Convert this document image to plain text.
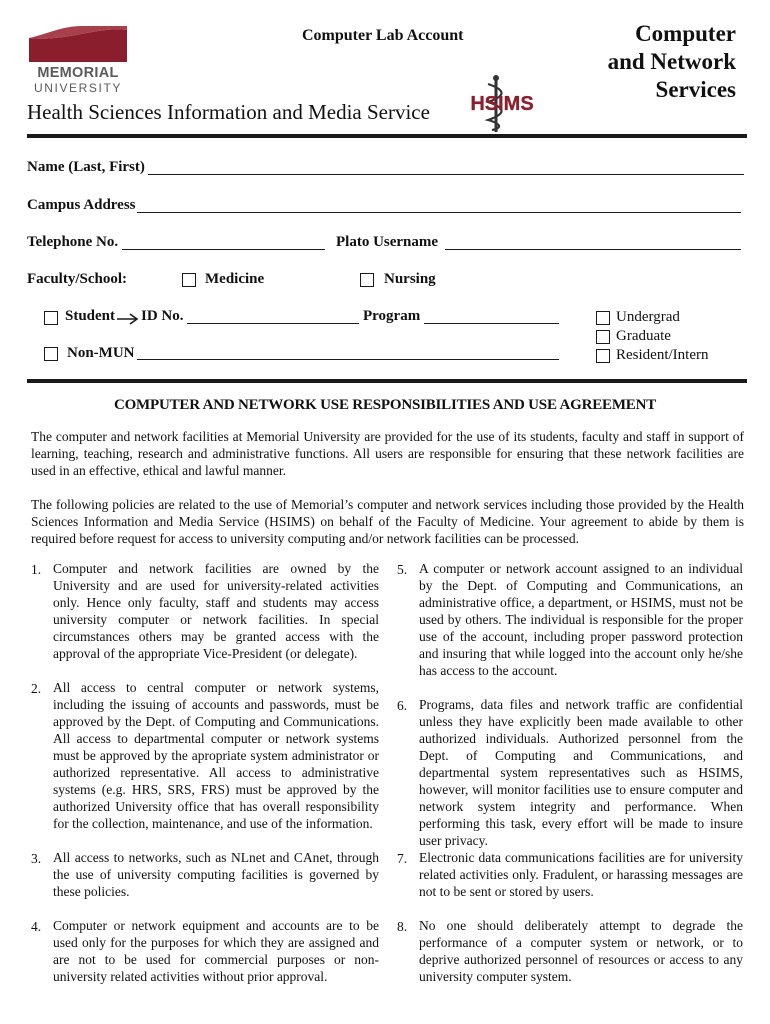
MEMORIAL
UNIVERSITY
Computer Lab Account	Computer
and Network
Services
Health Sciences Information and Media Service HSIMS
Name (Last, First)
Campus Address
Telephone No.	Plato Username
Faculty/School:	Medicine	Nursing
Student ID No.	Program
Non-MUN
Undergrad
Graduate
Resident/Intern
COMPUTER AND NETWORK USE RESPONSIBILITIES AND USE AGREEMENT
The computer and network facilities at Memorial University are provided for the use of its students, faculty and staff in support of learning, teaching, research and administrative functions. All users are responsible for ensuring that these network facilities are used in an effective, ethical and lawful manner.
The following policies are related to the use of Memorial’s computer and network services including those provided by the Health Sciences Information and Media Service (HSIMS) on behalf of the Faculty of Medicine. Your agreement to abide by them is required before request for access to university computing and/or network facilities can be processed.
1. Computer and network facilities are owned by the University and are used for university-related activities only. Hence only faculty, staff and students may access university computer or network facilities. In special circumstances others may be granted access with the approval of the appropriate Vice-President (or delegate).
2. All access to central computer or network systems, including the issuing of accounts and passwords, must be approved by the Dept. of Computing and Communications. All access to departmental computer or network systems must be approved by the apropriate system administrator or authorized representative. All access to administrative systems (e.g. HRS, SRS, FRS) must be approved by the authorized University office that has overall responsibility for the collection, maintenance, and use of the information.
3. All access to networks, such as NLnet and CAnet, through the use of university computing facilities is governed by these policies.
4. Computer or network equipment and accounts are to be used only for the purposes for which they are assigned and are not to be used for commercial purposes or non-university related activities without prior approval.
5. A computer or network account assigned to an individual by the Dept. of Computing and Communications, an administrative office, a department, or HSIMS, must not be used by others. The individual is responsible for the proper use of the account, including proper password protection and insuring that while logged into the account only he/she has access to the account.
6. Programs, data files and network traffic are confidential unless they have explicitly been made available to other authorized individuals. Authorized personnel from the Dept. of Computing and Communications, and departmental system representatives such as HSIMS, however, will monitor facilities use to ensure computer and network system integrity and performance. When performing this task, every effort will be made to insure user privacy.
7. Electronic data communications facilities are for university related activities only. Fradulent, or harassing messages are not to be sent or stored by users.
8. No one should deliberately attempt to degrade the performance of a computer system or network, or to deprive authorized personnel of resources or access to any university computer system.
